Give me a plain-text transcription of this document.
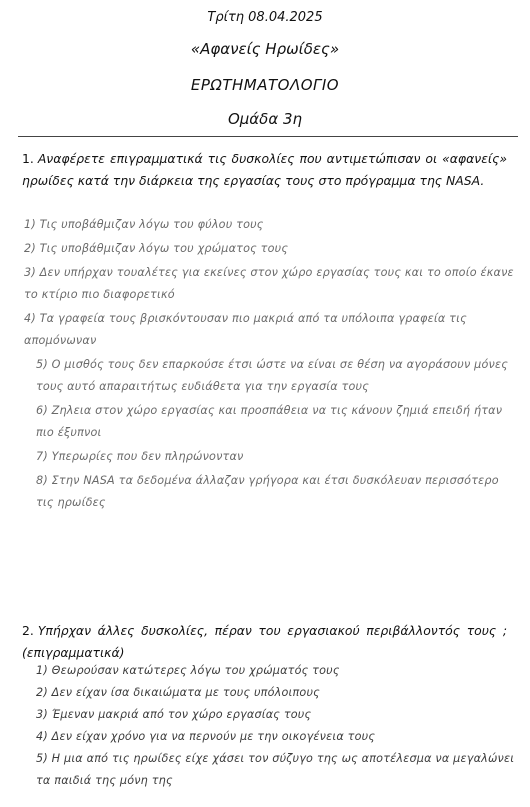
Τρίτη 08.04.2025
«Αφανείς Ηρωίδες»
ΕΡΩΤΗΜΑΤΟΛΟΓΙΟ
Ομάδα 3η
1. Αναφέρετε επιγραμματικά τις δυσκολίες που αντιμετώπισαν οι «αφανείς» ηρωίδες κατά την διάρκεια της εργασίας τους στο πρόγραμμα της NASA.
1) Τις υποβάθμιζαν λόγω του φύλου τους
2) Τις υποβάθμιζαν λόγω του χρώματος τους
3) Δεν υπήρχαν τουαλέτες για εκείνες στον χώρο εργασίας τους και το οποίο έκανε το κτίριο πιο διαφορετικό
4) Τα γραφεία τους βρισκόντουσαν πιο μακριά από τα υπόλοιπα γραφεία τις απομόνωναν
5) Ο μισθός τους δεν επαρκούσε έτσι ώστε να είναι σε θέση να αγοράσουν μόνες τους αυτό απαραιτήτως ευδιάθετα για την εργασία τους
6) Ζηλεια στον χώρο εργασίας και προσπάθεια να τις κάνουν ζημιά επειδή ήταν πιο έξυπνοι
7) Υπερωρίες που δεν πληρώνονταν
8) Στην NASA τα δεδομένα άλλαζαν γρήγορα και έτσι δυσκόλευαν περισσότερο τις ηρωίδες
2. Υπήρχαν άλλες δυσκολίες, πέραν του εργασιακού περιβάλλοντός τους ; (επιγραμματικά)
1) Θεωρούσαν κατώτερες λόγω του χρώματός τους
2) Δεν είχαν ίσα δικαιώματα με τους υπόλοιπους
3) Έμεναν μακριά από τον χώρο εργασίας τους
4) Δεν είχαν χρόνο για να περνούν με την οικογένεια τους
5) Η μια από τις ηρωίδες είχε χάσει τον σύζυγο της ως αποτέλεσμα να μεγαλώνει τα παιδιά της μόνη της
